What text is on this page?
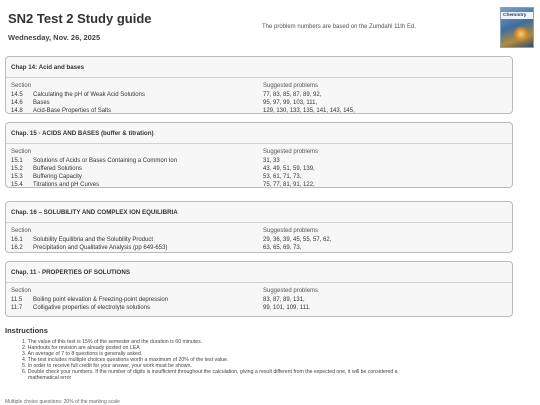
SN2 Test 2 Study guide
Wednesday, Nov. 26, 2025
The problem numbers are based on the Zumdahl 11th Ed.
Chemistry
Chap 14: Acid and bases
Section	Suggested problems
14.5 Calculating the pH of Weak Acid Solutions	77, 83, 85, 87, 89, 92,
14.6 Bases	95, 97, 99, 103, 111,
14.8 Acid-Base Properties of Salts	129, 130, 133, 135, 141, 143, 145,
Chap. 15 - ACIDS AND BASES (buffer & titration)
Section	Suggested problems
15.1 Solutions of Acids or Bases Containing a Common Ion	31, 33
15.2 Buffered Solutions	43, 49, 51, 59, 139,
15.3 Buffering Capacity	53, 61, 71, 73,
15.4 Titrations and pH Curves	75, 77, 81, 91, 122,
Chap. 16 – SOLUBILITY AND COMPLEX ION EQUILIBRIA
Section	Suggested problems
16.1 Solubility Equilibria and the Solubility Product	29, 36, 39, 45, 55, 57, 62,
16.2 Precipitation and Qualitative Analysis (pp 649-653)	63, 65, 69, 73,
Chap. 11 - PROPERTIES OF SOLUTIONS
Section	Suggested problems
11.5 Boiling point elevation & Freezing-point depression	83, 87, 89, 131,
11.7 Colligative properties of electrolyte solutions	99, 101, 109, 111.
Instructions
1. The value of this test is 15% of the semester and the duration is 60 minutes.
2. Handouts for revision are already posted on LEA
3. An average of 7 to 8 questions is generally asked.
4. The test includes multiple choices questions worth a maximum of 20% of the test value.
5. In order to receive full credit for your answer, your work must be shown.
6. Double check your numbers. If the number of digits is insufficient throughout the calculation, giving a result different from the expected one, it will be considered a
mathematical error
Multiple choice questions: 20% of the marking scale
